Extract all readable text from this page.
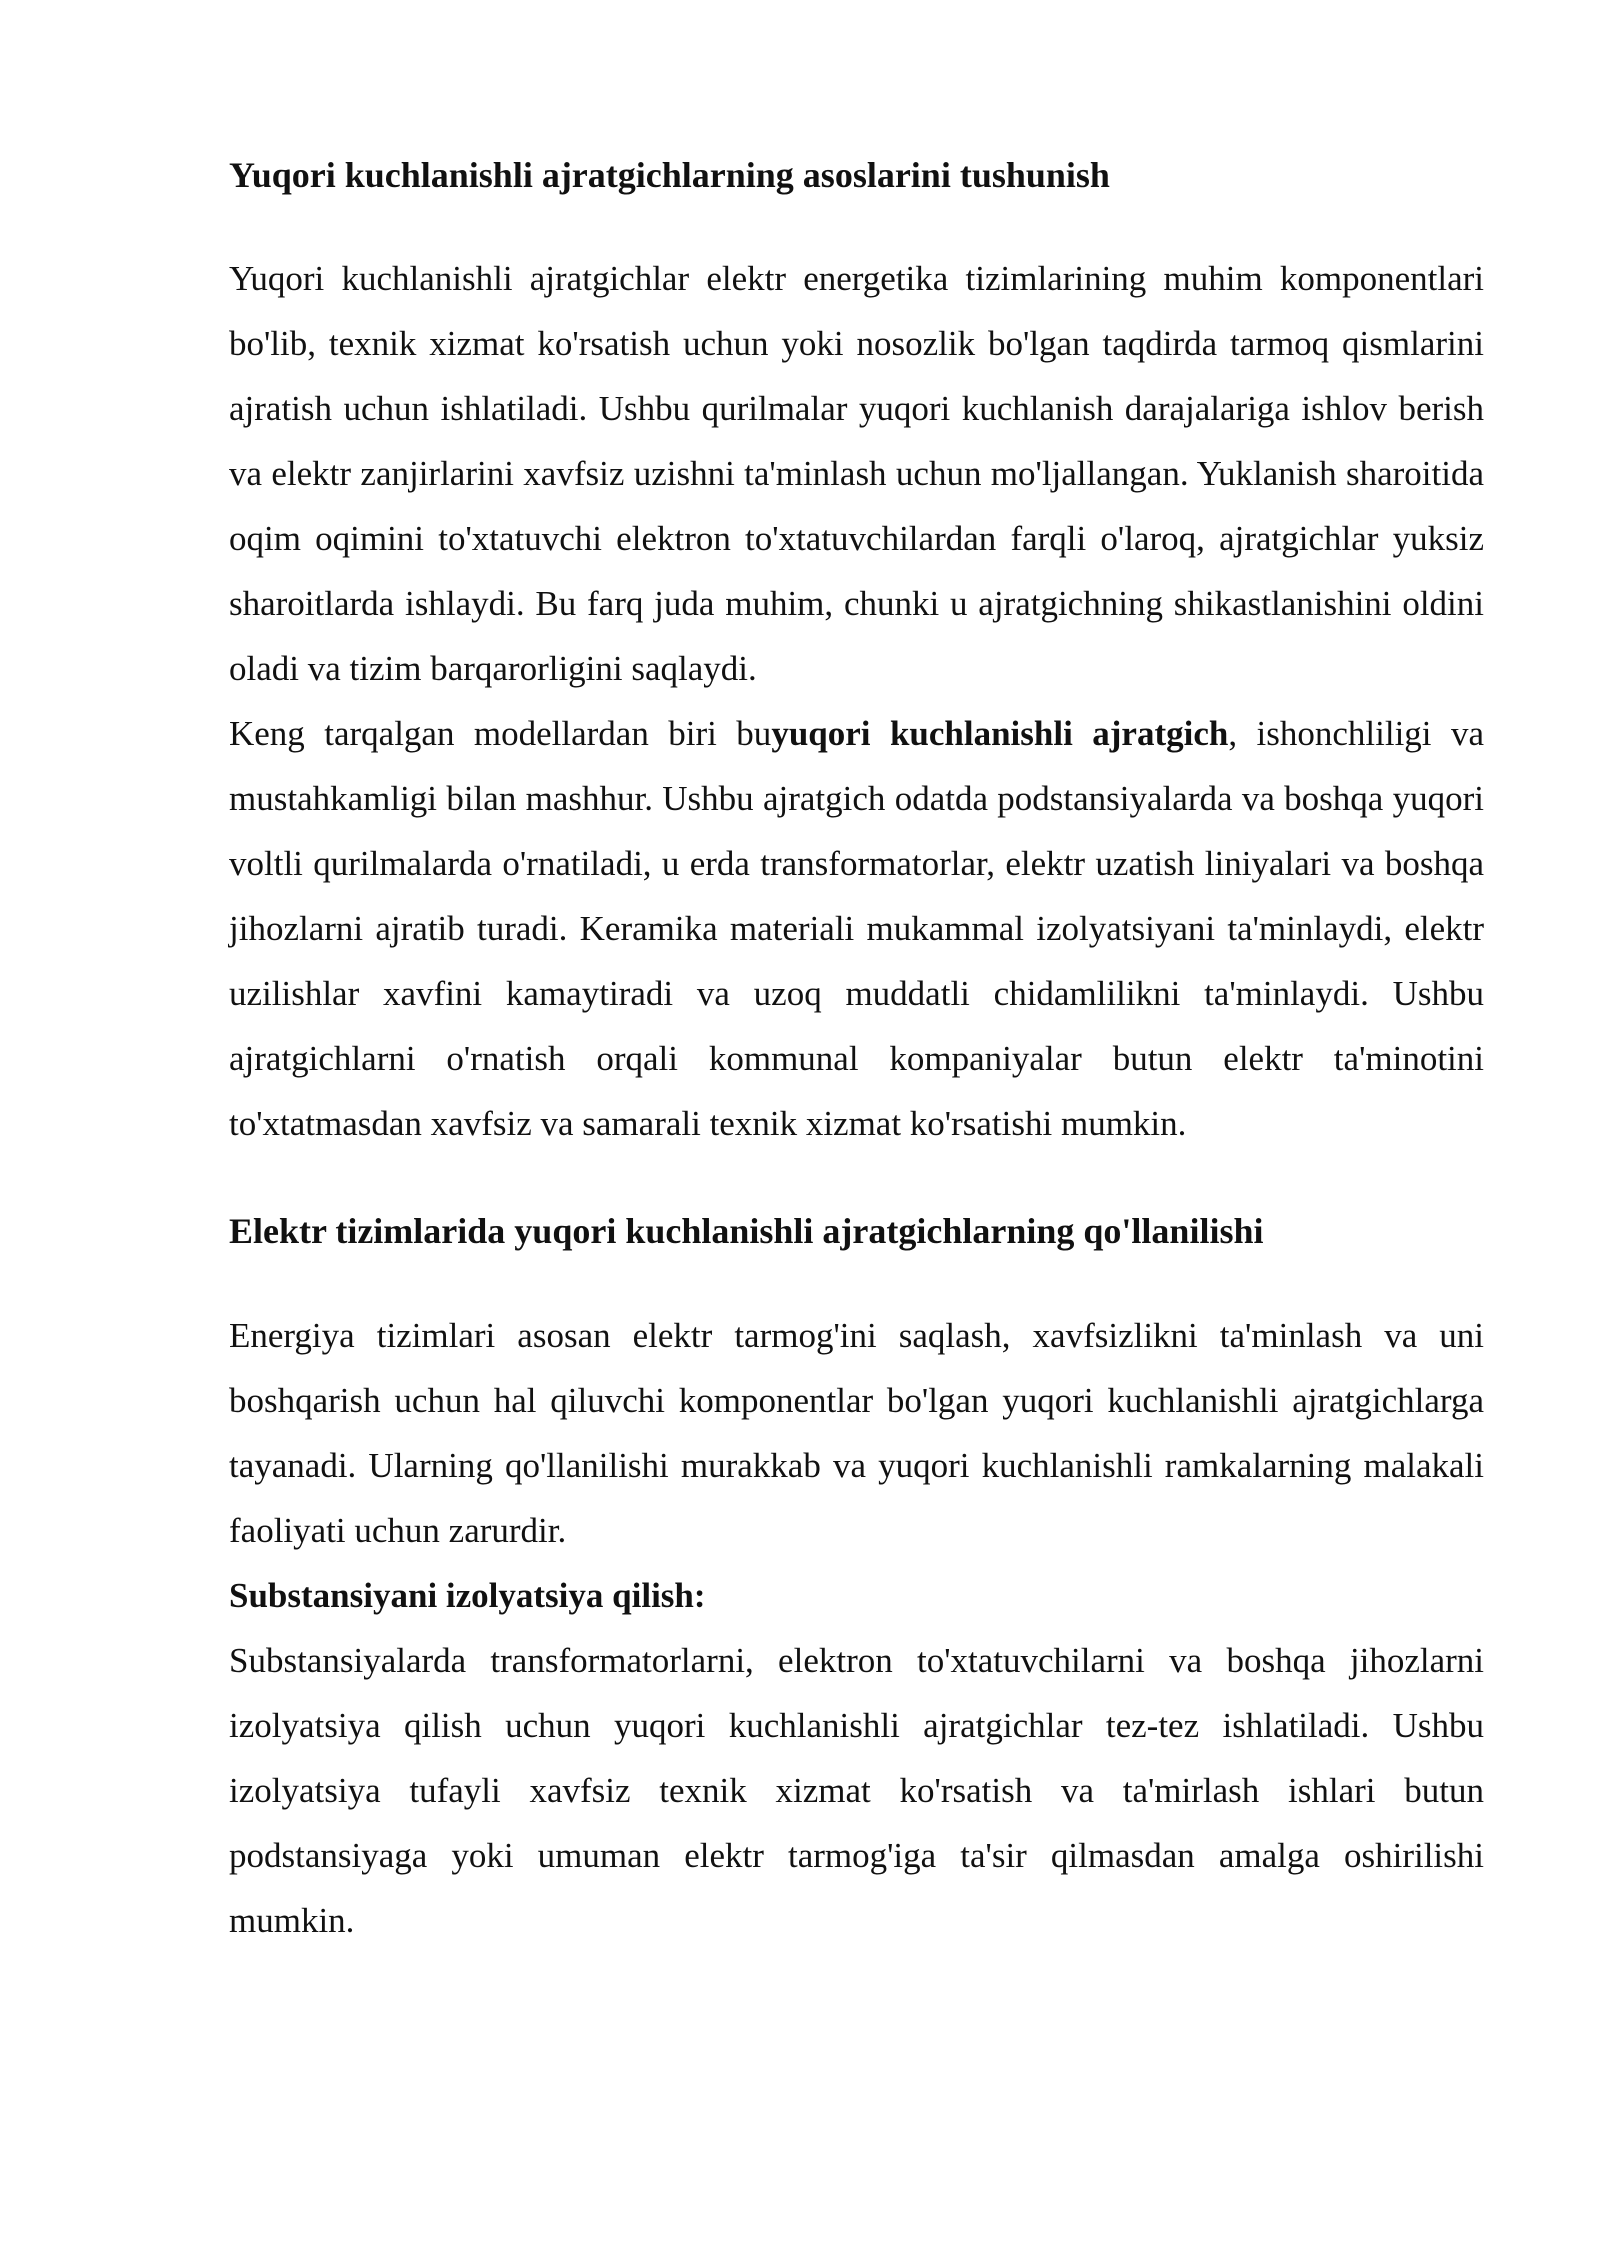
Yuqori kuchlanishli ajratgichlarning asoslarini tushunish

Yuqori kuchlanishli ajratgichlar elektr energetika tizimlarining muhim komponentlari bo'lib, texnik xizmat ko'rsatish uchun yoki nosozlik bo'lgan taqdirda tarmoq qismlarini ajratish uchun ishlatiladi. Ushbu qurilmalar yuqori kuchlanish darajalariga ishlov berish va elektr zanjirlarini xavfsiz uzishni ta'minlash uchun mo'ljallangan. Yuklanish sharoitida oqim oqimini to'xtatuvchi elektron to'xtatuvchilardan farqli o'laroq, ajratgichlar yuksiz sharoitlarda ishlaydi. Bu farq juda muhim, chunki u ajratgichning shikastlanishini oldini oladi va tizim barqarorligini saqlaydi.

Keng tarqalgan modellardan biri buyuqori kuchlanishli ajratgich, ishonchliligi va mustahkamligi bilan mashhur. Ushbu ajratgich odatda podstansiyalarda va boshqa yuqori voltli qurilmalarda o'rnatiladi, u erda transformatorlar, elektr uzatish liniyalari va boshqa jihozlarni ajratib turadi. Keramika materiali mukammal izolyatsiyani ta'minlaydi, elektr uzilishlar xavfini kamaytiradi va uzoq muddatli chidamlilikni ta'minlaydi. Ushbu ajratgichlarni o'rnatish orqali kommunal kompaniyalar butun elektr ta'minotini to'xtatmasdan xavfsiz va samarali texnik xizmat ko'rsatishi mumkin.

Elektr tizimlarida yuqori kuchlanishli ajratgichlarning qo'llanilishi

Energiya tizimlari asosan elektr tarmog'ini saqlash, xavfsizlikni ta'minlash va uni boshqarish uchun hal qiluvchi komponentlar bo'lgan yuqori kuchlanishli ajratgichlarga tayanadi. Ularning qo'llanilishi murakkab va yuqori kuchlanishli ramkalarning malakali faoliyati uchun zarurdir.

Substansiyani izolyatsiya qilish:

Substansiyalarda transformatorlarni, elektron to'xtatuvchilarni va boshqa jihozlarni izolyatsiya qilish uchun yuqori kuchlanishli ajratgichlar tez-tez ishlatiladi. Ushbu izolyatsiya tufayli xavfsiz texnik xizmat ko'rsatish va ta'mirlash ishlari butun podstansiyaga yoki umuman elektr tarmog'iga ta'sir qilmasdan amalga oshirilishi mumkin.
